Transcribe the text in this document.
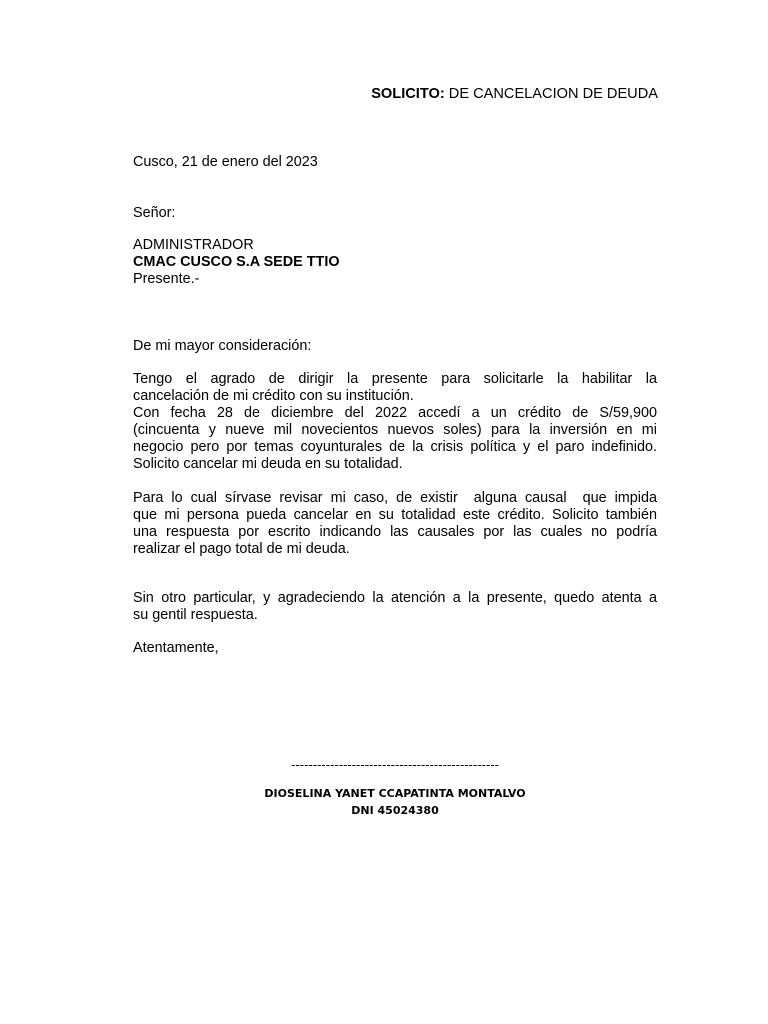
SOLICITO: DE CANCELACION DE DEUDA
Cusco, 21 de enero del 2023
Señor:
ADMINISTRADOR
CMAC CUSCO S.A SEDE TTIO
Presente.-
De mi mayor consideración:
Tengo el agrado de dirigir la presente para solicitarle la habilitar la
cancelación de mi crédito con su institución.
Con fecha 28 de diciembre del 2022 accedí a un crédito de S/59,900
(cincuenta y nueve mil novecientos nuevos soles) para la inversión en mi
negocio pero por temas coyunturales de la crisis política y el paro indefinido.
Solicito cancelar mi deuda en su totalidad.
Para lo cual sírvase revisar mi caso, de existir  alguna causal  que impida
que mi persona pueda cancelar en su totalidad este crédito. Solicito también
una respuesta por escrito indicando las causales por las cuales no podría
realizar el pago total de mi deuda.
Sin otro particular, y agradeciendo la atención a la presente, quedo atenta a
su gentil respuesta.
Atentamente,
------------------------------------------------
DIOSELINA YANET CCAPATINTA MONTALVO
DNI 45024380
